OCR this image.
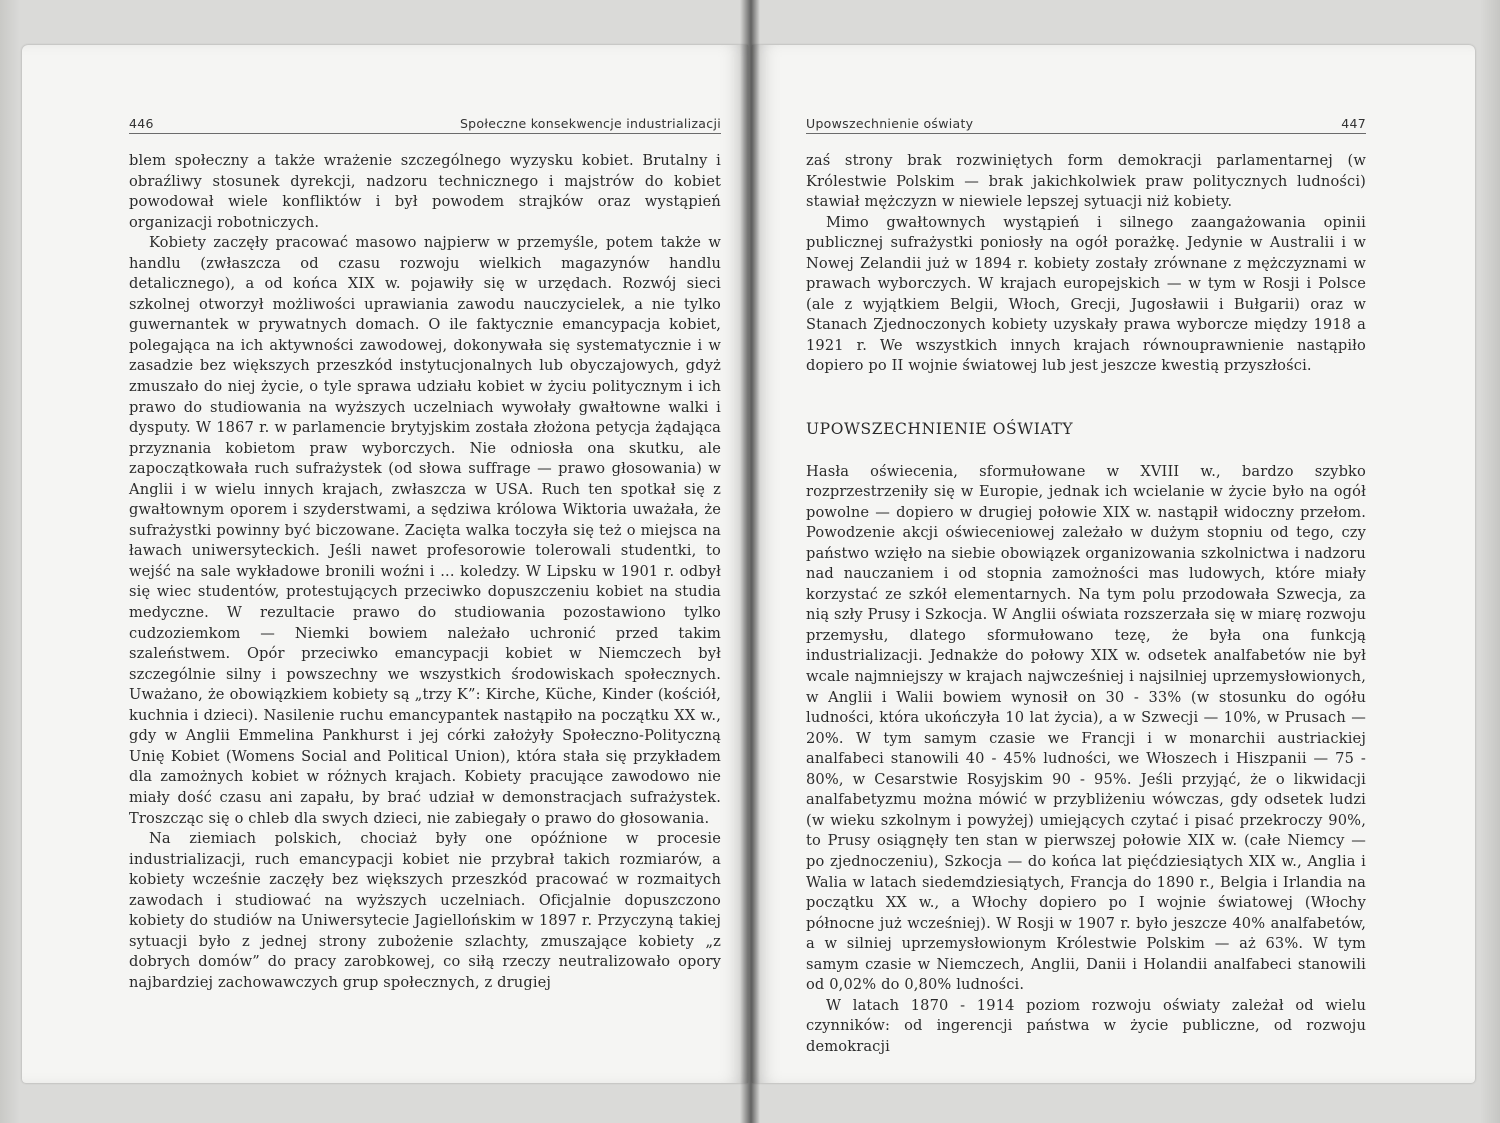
446	Społeczne konsekwencje industrializacji

blem społeczny a także wrażenie szczególnego wyzysku kobiet. Brutalny i obraźliwy stosunek dyrekcji, nadzoru technicznego i majstrów do kobiet powodował wiele konfliktów i był powodem strajków oraz wystąpień organizacji robotniczych.

Kobiety zaczęły pracować masowo najpierw w przemyśle, potem także w handlu (zwłaszcza od czasu rozwoju wielkich magazynów handlu detalicznego), a od końca XIX w. pojawiły się w urzędach. Rozwój sieci szkolnej otworzył możliwości uprawiania zawodu nauczycielek, a nie tylko guwernantek w prywatnych domach. O ile faktycznie emancypacja kobiet, polegająca na ich aktywności zawodowej, dokonywała się systematycznie i w zasadzie bez większych przeszkód instytucjonalnych lub obyczajowych, gdyż zmuszało do niej życie, o tyle sprawa udziału kobiet w życiu politycznym i ich prawo do studiowania na wyższych uczelniach wywołały gwałtowne walki i dysputy. W 1867 r. w parlamencie brytyjskim została złożona petycja żądająca przyznania kobietom praw wyborczych. Nie odniosła ona skutku, ale zapoczątkowała ruch sufrażystek (od słowa suffrage — prawo głosowania) w Anglii i w wielu innych krajach, zwłaszcza w USA. Ruch ten spotkał się z gwałtownym oporem i szyderstwami, a sędziwa królowa Wiktoria uważała, że sufrażystki powinny być biczowane. Zacięta walka toczyła się też o miejsca na ławach uniwersyteckich. Jeśli nawet profesorowie tolerowali studentki, to wejść na sale wykładowe bronili woźni i ... koledzy. W Lipsku w 1901 r. odbył się wiec studentów, protestujących przeciwko dopuszczeniu kobiet na studia medyczne. W rezultacie prawo do studiowania pozostawiono tylko cudzoziemkom — Niemki bowiem należało uchronić przed takim szaleństwem. Opór przeciwko emancypacji kobiet w Niemczech był szczególnie silny i powszechny we wszystkich środowiskach społecznych. Uważano, że obowiązkiem kobiety są „trzy K”: Kirche, Küche, Kinder (kościół, kuchnia i dzieci). Nasilenie ruchu emancypantek nastąpiło na początku XX w., gdy w Anglii Emmelina Pankhurst i jej córki założyły Społeczno-Polityczną Unię Kobiet (Womens Social and Political Union), która stała się przykładem dla zamożnych kobiet w różnych krajach. Kobiety pracujące zawodowo nie miały dość czasu ani zapału, by brać udział w demonstracjach sufrażystek. Troszcząc się o chleb dla swych dzieci, nie zabiegały o prawo do głosowania.

Na ziemiach polskich, chociaż były one opóźnione w procesie industrializacji, ruch emancypacji kobiet nie przybrał takich rozmiarów, a kobiety wcześnie zaczęły bez większych przeszkód pracować w rozmaitych zawodach i studiować na wyższych uczelniach. Oficjalnie dopuszczono kobiety do studiów na Uniwersytecie Jagiellońskim w 1897 r. Przyczyną takiej sytuacji było z jednej strony zubożenie szlachty, zmuszające kobiety „z dobrych domów” do pracy zarobkowej, co siłą rzeczy neutralizowało opory najbardziej zachowawczych grup społecznych, z drugiej

Upowszechnienie oświaty	447

zaś strony brak rozwiniętych form demokracji parlamentarnej (w Królestwie Polskim — brak jakichkolwiek praw politycznych ludności) stawiał mężczyzn w niewiele lepszej sytuacji niż kobiety.

Mimo gwałtownych wystąpień i silnego zaangażowania opinii publicznej sufrażystki poniosły na ogół porażkę. Jedynie w Australii i w Nowej Zelandii już w 1894 r. kobiety zostały zrównane z mężczyznami w prawach wyborczych. W krajach europejskich — w tym w Rosji i Polsce (ale z wyjątkiem Belgii, Włoch, Grecji, Jugosławii i Bułgarii) oraz w Stanach Zjednoczonych kobiety uzyskały prawa wyborcze między 1918 a 1921 r. We wszystkich innych krajach równouprawnienie nastąpiło dopiero po II wojnie światowej lub jest jeszcze kwestią przyszłości.

UPOWSZECHNIENIE OŚWIATY

Hasła oświecenia, sformułowane w XVIII w., bardzo szybko rozprzestrzeniły się w Europie, jednak ich wcielanie w życie było na ogół powolne — dopiero w drugiej połowie XIX w. nastąpił widoczny przełom. Powodzenie akcji oświeceniowej zależało w dużym stopniu od tego, czy państwo wzięło na siebie obowiązek organizowania szkolnictwa i nadzoru nad nauczaniem i od stopnia zamożności mas ludowych, które miały korzystać ze szkół elementarnych. Na tym polu przodowała Szwecja, za nią szły Prusy i Szkocja. W Anglii oświata rozszerzała się w miarę rozwoju przemysłu, dlatego sformułowano tezę, że była ona funkcją industrializacji. Jednakże do połowy XIX w. odsetek analfabetów nie był wcale najmniejszy w krajach najwcześniej i najsilniej uprzemysłowionych, w Anglii i Walii bowiem wynosił on 30 - 33% (w stosunku do ogółu ludności, która ukończyła 10 lat życia), a w Szwecji — 10%, w Prusach — 20%. W tym samym czasie we Francji i w monarchii austriackiej analfabeci stanowili 40 - 45% ludności, we Włoszech i Hiszpanii — 75 - 80%, w Cesarstwie Rosyjskim 90 - 95%. Jeśli przyjąć, że o likwidacji analfabetyzmu można mówić w przybliżeniu wówczas, gdy odsetek ludzi (w wieku szkolnym i powyżej) umiejących czytać i pisać przekroczy 90%, to Prusy osiągnęły ten stan w pierwszej połowie XIX w. (całe Niemcy — po zjednoczeniu), Szkocja — do końca lat pięćdziesiątych XIX w., Anglia i Walia w latach siedemdziesiątych, Francja do 1890 r., Belgia i Irlandia na początku XX w., a Włochy dopiero po I wojnie światowej (Włochy północne już wcześniej). W Rosji w 1907 r. było jeszcze 40% analfabetów, a w silniej uprzemysłowionym Królestwie Polskim — aż 63%. W tym samym czasie w Niemczech, Anglii, Danii i Holandii analfabeci stanowili od 0,02% do 0,80% ludności.

W latach 1870 - 1914 poziom rozwoju oświaty zależał od wielu czynników: od ingerencji państwa w życie publiczne, od rozwoju demokracji
